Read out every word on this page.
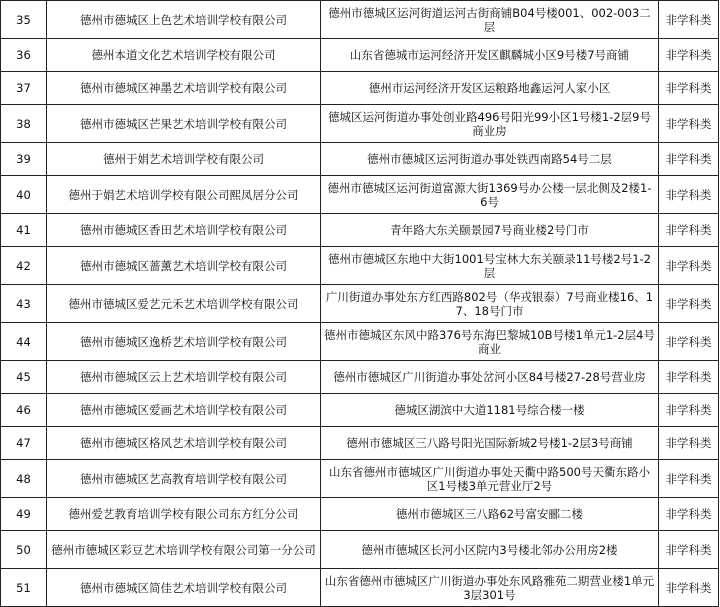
35	德州市德城区上色艺术培训学校有限公司	德州市德城区运河街道运河古街商铺B04号楼001、002-003二层	非学科类
36	德州本道文化艺术培训学校有限公司	山东省德城市运河经济开发区麒麟城小区9号楼7号商铺	非学科类
37	德州市德城区神墨艺术培训学校有限公司	德州市运河经济开发区运粮路地鑫运河人家小区	非学科类
38	德州市德城区芒果艺术培训学校有限公司	德城区运河街道办事处创业路496号阳光99小区1号楼1-2层9号商业房	非学科类
39	德州于娟艺术培训学校有限公司	德州市德城区运河街道办事处铁西南路54号二层	非学科类
40	德州于娟艺术培训学校有限公司熙凤居分公司	德州市德城区运河街道富源大街1369号办公楼一层北侧及2楼1-6号	非学科类
41	德州市德城区香田艺术培训学校有限公司	青年路大东关颐景园7号商业楼2号门市	非学科类
42	德州市德城区蔷薰艺术培训学校有限公司	德州市德城区东地中大街1001号宝林大东关颐录11号楼2号1-2层	非学科类
43	德州市德城区爱艺元禾艺术培训学校有限公司	广川街道办事处东方红西路802号（华戎银泰）7号商业楼16、17、18号门市	非学科类
44	德州市德城区逸桥艺术培训学校有限公司	德州市德城区东风中路376号东海巴黎城10B号楼1单元1-2层4号商业	非学科类
45	德州市德城区云上艺术培训学校有限公司	德州市德城区广川街道办事处岔河小区84号楼27-28号营业房	非学科类
46	德州市德城区爱画艺术培训学校有限公司	德城区湖滨中大道1181号综合楼一楼	非学科类
47	德州市德城区格风艺术培训学校有限公司	德州市德城区三八路号阳光国际新城2号楼1-2层3号商铺	非学科类
48	德州市德城区艺高教育培训学校有限公司	山东省德州市德城区广川街道办事处天衢中路500号天衢东路小区1号楼3单元营业厅2号	非学科类
49	德州爱艺教育培训学校有限公司东方红分公司	德州市德城区三八路62号富安郦二楼	非学科类
50	德州市德城区彩豆艺术培训学校有限公司第一分公司	德州市德城区长河小区院内3号楼北邻办公用房2楼	非学科类
51	德州市德城区简佳艺术培训学校有限公司	山东省德州市德城区广川街道办事处东风路雅苑二期营业楼1单元3层301号	非学科类
